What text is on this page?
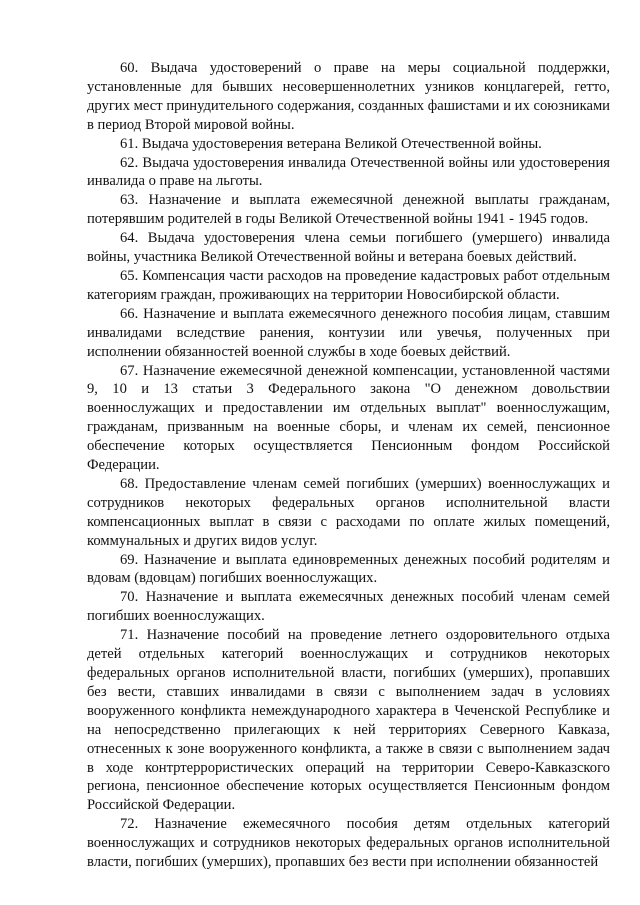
60. Выдача удостоверений о праве на меры социальной поддержки, установленные для бывших несовершеннолетних узников концлагерей, гетто, других мест принудительного содержания, созданных фашистами и их союзниками в период Второй мировой войны.

61. Выдача удостоверения ветерана Великой Отечественной войны.

62. Выдача удостоверения инвалида Отечественной войны или удостоверения инвалида о праве на льготы.

63. Назначение и выплата ежемесячной денежной выплаты гражданам, потерявшим родителей в годы Великой Отечественной войны 1941 - 1945 годов.

64. Выдача удостоверения члена семьи погибшего (умершего) инвалида войны, участника Великой Отечественной войны и ветерана боевых действий.

65. Компенсация части расходов на проведение кадастровых работ отдельным категориям граждан, проживающих на территории Новосибирской области.

66. Назначение и выплата ежемесячного денежного пособия лицам, ставшим инвалидами вследствие ранения, контузии или увечья, полученных при исполнении обязанностей военной службы в ходе боевых действий.

67. Назначение ежемесячной денежной компенсации, установленной частями 9, 10 и 13 статьи 3 Федерального закона "О денежном довольствии военнослужащих и предоставлении им отдельных выплат" военнослужащим, гражданам, призванным на военные сборы, и членам их семей, пенсионное обеспечение которых осуществляется Пенсионным фондом Российской Федерации.

68. Предоставление членам семей погибших (умерших) военнослужащих и сотрудников некоторых федеральных органов исполнительной власти компенсационных выплат в связи с расходами по оплате жилых помещений, коммунальных и других видов услуг.

69. Назначение и выплата единовременных денежных пособий родителям и вдовам (вдовцам) погибших военнослужащих.

70. Назначение и выплата ежемесячных денежных пособий членам семей погибших военнослужащих.

71. Назначение пособий на проведение летнего оздоровительного отдыха детей отдельных категорий военнослужащих и сотрудников некоторых федеральных органов исполнительной власти, погибших (умерших), пропавших без вести, ставших инвалидами в связи с выполнением задач в условиях вооруженного конфликта немеждународного характера в Чеченской Республике и на непосредственно прилегающих к ней территориях Северного Кавказа, отнесенных к зоне вооруженного конфликта, а также в связи с выполнением задач в ходе контртеррористических операций на территории Северо-Кавказского региона, пенсионное обеспечение которых осуществляется Пенсионным фондом Российской Федерации.

72. Назначение ежемесячного пособия детям отдельных категорий военнослужащих и сотрудников некоторых федеральных органов исполнительной власти, погибших (умерших), пропавших без вести при исполнении обязанностей
